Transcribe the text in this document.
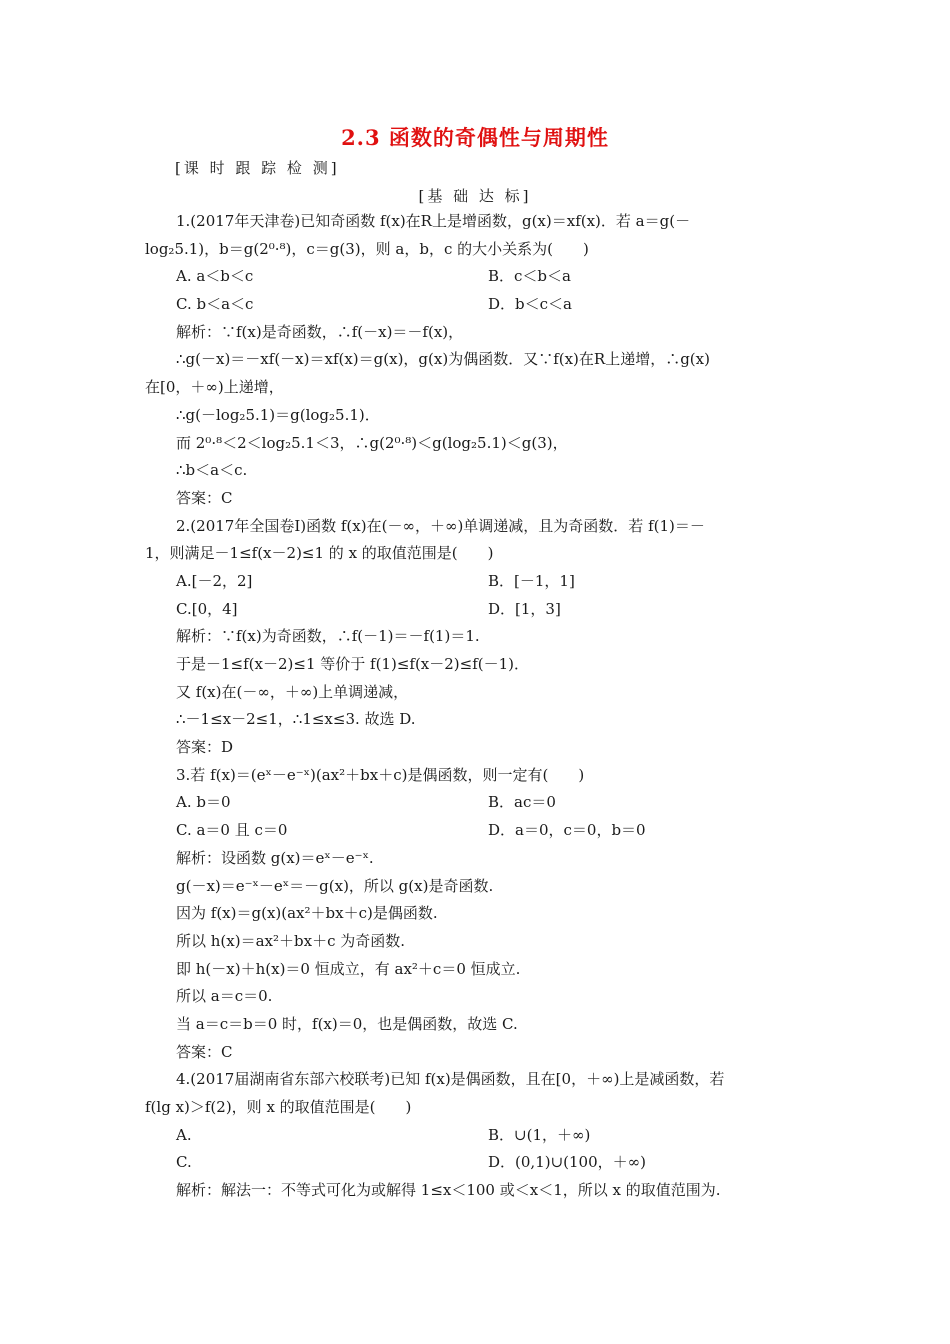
2.3 函数的奇偶性与周期性
[课 时 跟 踪 检 测]
[基 础 达 标]
1.(2017年天津卷)已知奇函数 f(x)在R上是增函数，g(x)＝xf(x)．若 a＝g(－
log₂5.1)，b＝g(2⁰·⁸)，c＝g(3)，则 a，b，c 的大小关系为(　　)
A. a＜b＜c	B．c＜b＜a
C. b＜a＜c	D．b＜c＜a
解析：∵f(x)是奇函数，∴f(－x)＝－f(x)，
∴g(－x)＝－xf(－x)＝xf(x)＝g(x)，g(x)为偶函数．又∵f(x)在R上递增，∴g(x)
在[0，＋∞)上递增，
∴g(－log₂5.1)＝g(log₂5.1)．
而 2⁰·⁸＜2＜log₂5.1＜3，∴g(2⁰·⁸)＜g(log₂5.1)＜g(3)，
∴b＜a＜c.
答案：C
2.(2017年全国卷Ⅰ)函数 f(x)在(－∞，＋∞)单调递减，且为奇函数．若 f(1)＝－
1，则满足－1≤f(x－2)≤1 的 x 的取值范围是(　　)
A.[－2，2]	B．[－1，1]
C.[0，4]	D．[1，3]
解析：∵f(x)为奇函数，∴f(－1)＝－f(1)＝1.
于是－1≤f(x－2)≤1 等价于 f(1)≤f(x－2)≤f(－1)．
又 f(x)在(－∞，＋∞)上单调递减，
∴－1≤x－2≤1，∴1≤x≤3. 故选 D.
答案：D
3.若 f(x)＝(eˣ－e⁻ˣ)(ax²＋bx＋c)是偶函数，则一定有(　　)
A. b＝0	B．ac＝0
C. a＝0 且 c＝0	D．a＝0，c＝0，b＝0
解析：设函数 g(x)＝eˣ－e⁻ˣ.
g(－x)＝e⁻ˣ－eˣ＝－g(x)，所以 g(x)是奇函数.
因为 f(x)＝g(x)(ax²＋bx＋c)是偶函数.
所以 h(x)＝ax²＋bx＋c 为奇函数.
即 h(－x)＋h(x)＝0 恒成立，有 ax²＋c＝0 恒成立.
所以 a＝c＝0.
当 a＝c＝b＝0 时，f(x)＝0，也是偶函数，故选 C.
答案：C
4.(2017届湖南省东部六校联考)已知 f(x)是偶函数，且在[0，＋∞)上是减函数，若
f(lg x)＞f(2)，则 x 的取值范围是(　　)
A.	B．∪(1，＋∞)
C.	D．(0,1)∪(100，＋∞)
解析：解法一：不等式可化为或解得 1≤x＜100 或＜x＜1，所以 x 的取值范围为.
